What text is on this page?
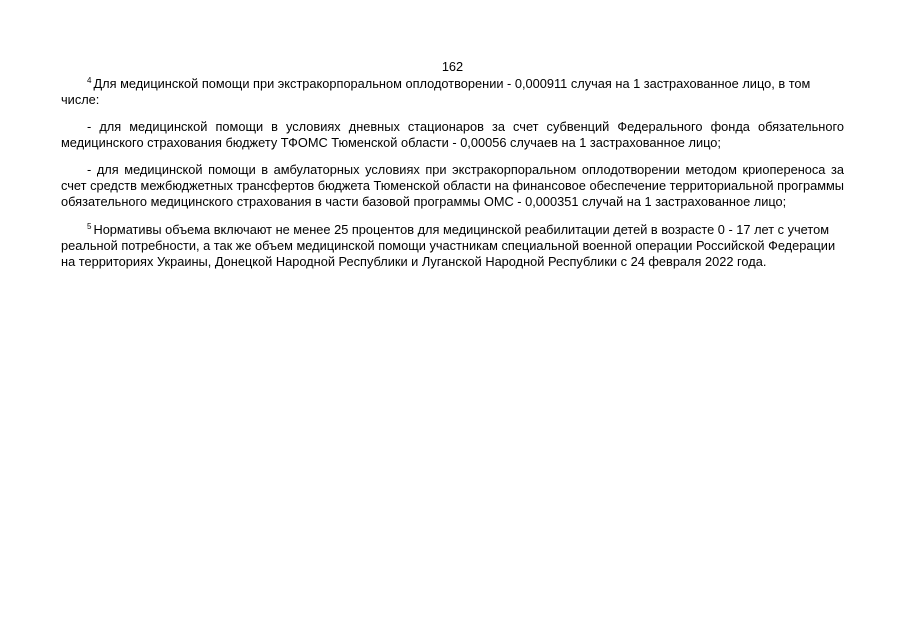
162

$^4$ Для медицинской помощи при экстракорпоральном оплодотворении - 0,000911 случая на 1 застрахованное лицо, в том числе:

- для медицинской помощи в условиях дневных стационаров за счет субвенций Федерального фонда обязательного медицинского страхования бюджету ТФОМС Тюменской области - 0,00056 случаев на 1 застрахованное лицо;

- для медицинской помощи в амбулаторных условиях при экстракорпоральном оплодотворении методом криопереноса за счет средств межбюджетных трансфертов бюджета Тюменской области на финансовое обеспечение территориальной программы обязательного медицинского страхования в части базовой программы ОМС - 0,000351 случай на 1 застрахованное лицо;

$^5$ Нормативы объема включают не менее 25 процентов для медицинской реабилитации детей в возрасте 0 - 17 лет с учетом реальной потребности, а так же объем медицинской помощи участникам специальной военной операции Российской Федерации на территориях Украины, Донецкой Народной Республики и Луганской Народной Республики с 24 февраля 2022 года.
